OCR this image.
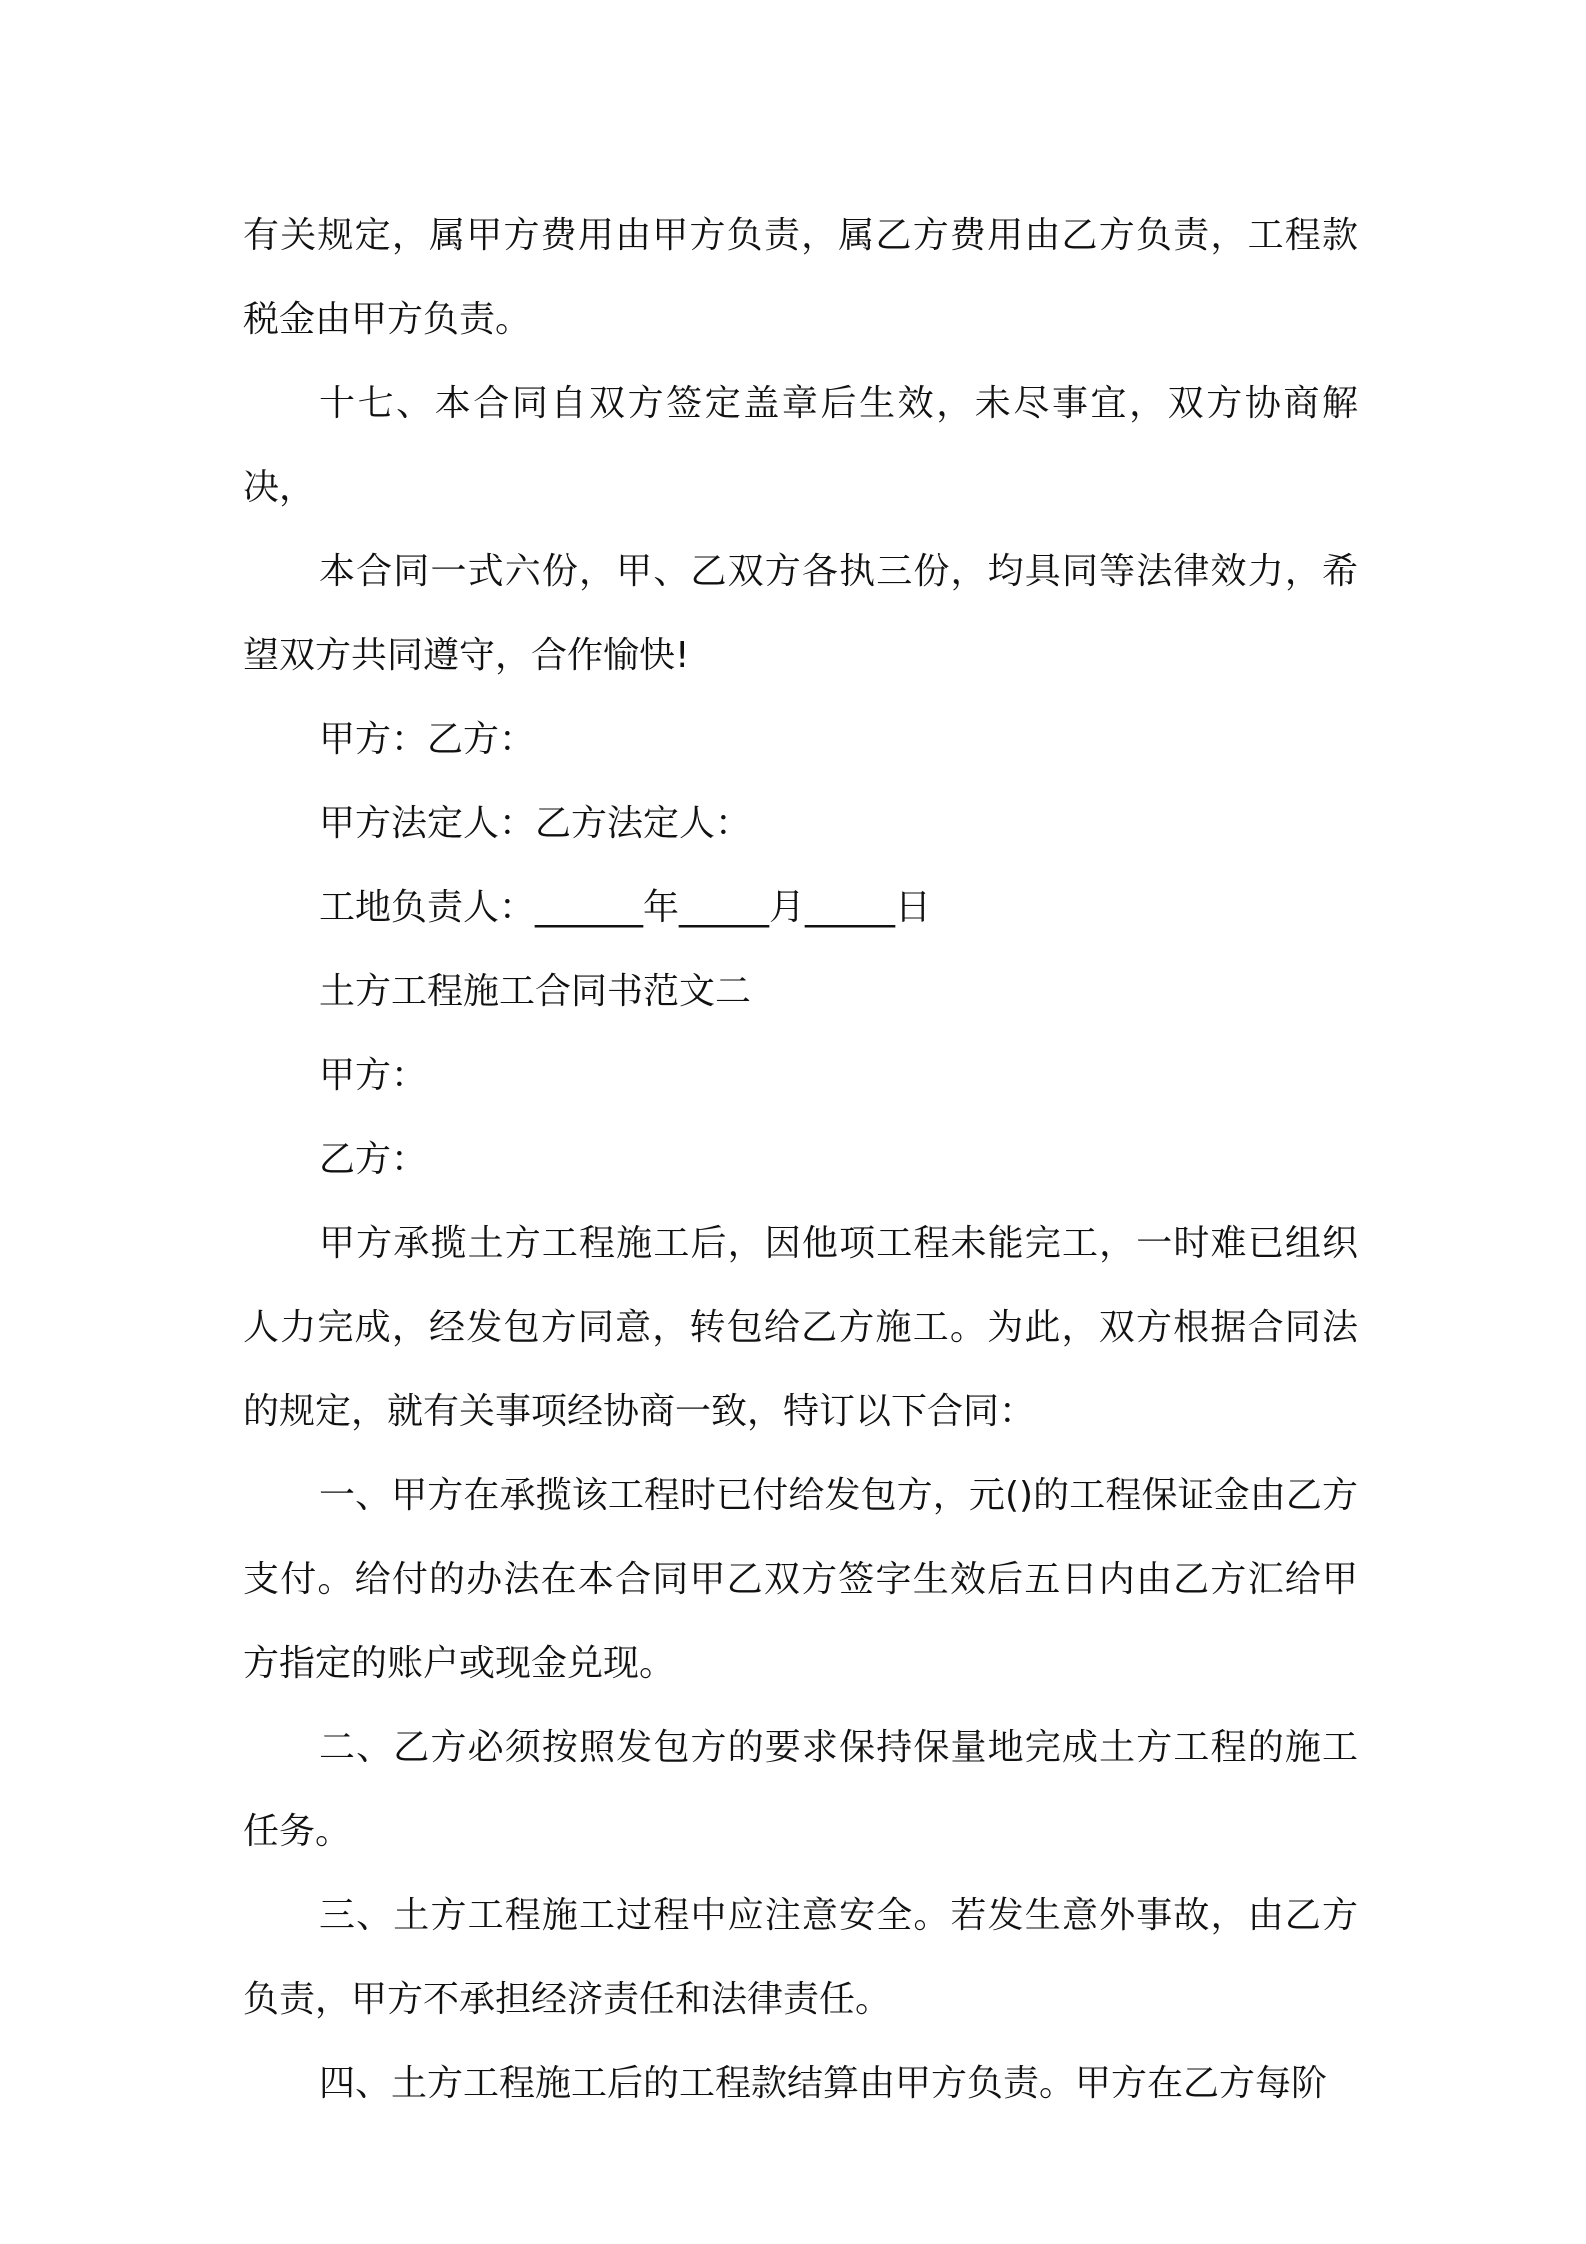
有关规定，属甲方费用由甲方负责，属乙方费用由乙方负责，工程款税金由甲方负责。

十七、本合同自双方签定盖章后生效，未尽事宜，双方协商解决，

本合同一式六份，甲、乙双方各执三份，均具同等法律效力，希望双方共同遵守，合作愉快!

甲方：乙方：

甲方法定人：乙方法定人：

工地负责人：______年_____月_____日

土方工程施工合同书范文二

甲方：

乙方：

甲方承揽土方工程施工后，因他项工程未能完工，一时难已组织人力完成，经发包方同意，转包给乙方施工。为此，双方根据合同法的规定，就有关事项经协商一致，特订以下合同：

一、甲方在承揽该工程时已付给发包方，元()的工程保证金由乙方支付。给付的办法在本合同甲乙双方签字生效后五日内由乙方汇给甲方指定的账户或现金兑现。

二、乙方必须按照发包方的要求保持保量地完成土方工程的施工任务。

三、土方工程施工过程中应注意安全。若发生意外事故，由乙方负责，甲方不承担经济责任和法律责任。

四、土方工程施工后的工程款结算由甲方负责。甲方在乙方每阶
